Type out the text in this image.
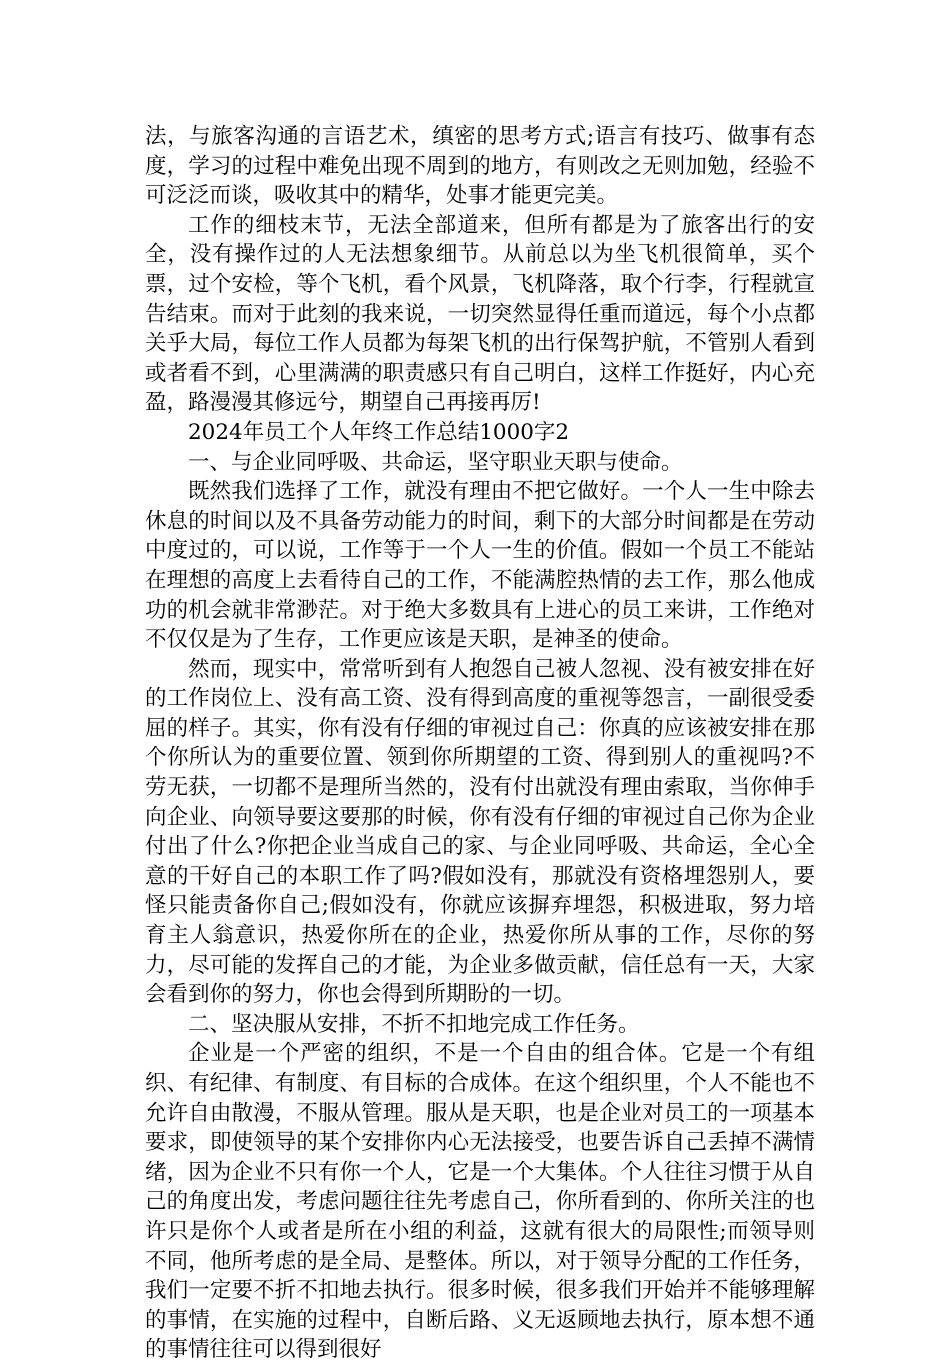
法，与旅客沟通的言语艺术，缜密的思考方式;语言有技巧、做事有态度，学习的过程中难免出现不周到的地方，有则改之无则加勉，经验不可泛泛而谈，吸收其中的精华，处事才能更完美。

工作的细枝末节，无法全部道来，但所有都是为了旅客出行的安全，没有操作过的人无法想象细节。从前总以为坐飞机很简单，买个票，过个安检，等个飞机，看个风景，飞机降落，取个行李，行程就宣告结束。而对于此刻的我来说，一切突然显得任重而道远，每个小点都关乎大局，每位工作人员都为每架飞机的出行保驾护航，不管别人看到或者看不到，心里满满的职责感只有自己明白，这样工作挺好，内心充盈，路漫漫其修远兮，期望自己再接再厉!

2024年员工个人年终工作总结1000字2

一、与企业同呼吸、共命运，坚守职业天职与使命。

既然我们选择了工作，就没有理由不把它做好。一个人一生中除去休息的时间以及不具备劳动能力的时间，剩下的大部分时间都是在劳动中度过的，可以说，工作等于一个人一生的价值。假如一个员工不能站在理想的高度上去看待自己的工作，不能满腔热情的去工作，那么他成功的机会就非常渺茫。对于绝大多数具有上进心的员工来讲，工作绝对不仅仅是为了生存，工作更应该是天职，是神圣的使命。

然而，现实中，常常听到有人抱怨自己被人忽视、没有被安排在好的工作岗位上、没有高工资、没有得到高度的重视等怨言，一副很受委屈的样子。其实，你有没有仔细的审视过自己：你真的应该被安排在那个你所认为的重要位置、领到你所期望的工资、得到别人的重视吗?不劳无获，一切都不是理所当然的，没有付出就没有理由索取，当你伸手向企业、向领导要这要那的时候，你有没有仔细的审视过自己你为企业付出了什么?你把企业当成自己的家、与企业同呼吸、共命运，全心全意的干好自己的本职工作了吗?假如没有，那就没有资格埋怨别人，要怪只能责备你自己;假如没有，你就应该摒弃埋怨，积极进取，努力培育主人翁意识，热爱你所在的企业，热爱你所从事的工作，尽你的努力，尽可能的发挥自己的才能，为企业多做贡献，信任总有一天，大家会看到你的努力，你也会得到所期盼的一切。

二、坚决服从安排，不折不扣地完成工作任务。

企业是一个严密的组织，不是一个自由的组合体。它是一个有组织、有纪律、有制度、有目标的合成体。在这个组织里，个人不能也不允许自由散漫，不服从管理。服从是天职，也是企业对员工的一项基本要求，即使领导的某个安排你内心无法接受，也要告诉自己丢掉不满情绪，因为企业不只有你一个人，它是一个大集体。个人往往习惯于从自己的角度出发，考虑问题往往先考虑自己，你所看到的、你所关注的也许只是你个人或者是所在小组的利益，这就有很大的局限性;而领导则不同，他所考虑的是全局、是整体。所以，对于领导分配的工作任务，我们一定要不折不扣地去执行。很多时候，很多我们开始并不能够理解的事情，在实施的过程中，自断后路、义无返顾地去执行，原本想不通的事情往往可以得到很好
